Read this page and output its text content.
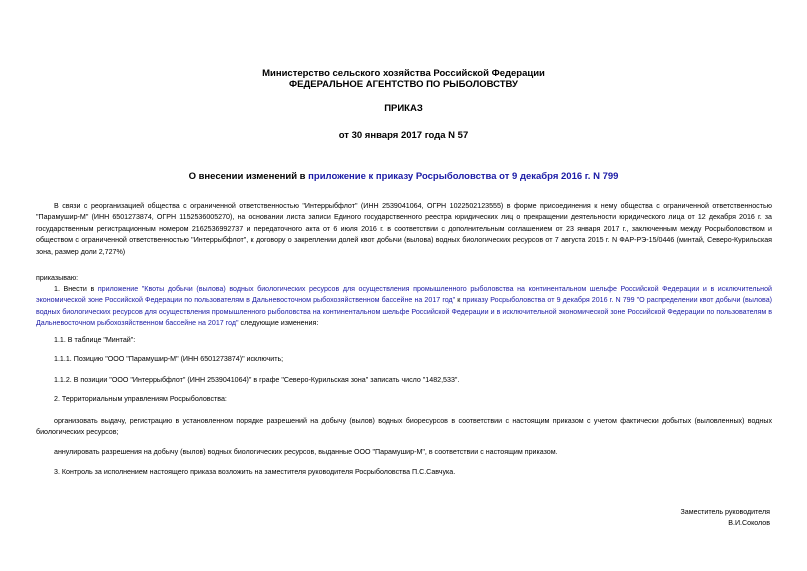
Министерство сельского хозяйства Российской Федерации
ФЕДЕРАЛЬНОЕ АГЕНТСТВО ПО РЫБОЛОВСТВУ
ПРИКАЗ
от 30 января 2017 года N 57
О внесении изменений в приложение к приказу Росрыболовства от 9 декабря 2016 г. N 799
В связи с реорганизацией общества с ограниченной ответственностью "Интеррыбфлот" (ИНН 2539041064, ОГРН 1022502123555) в форме присоединения к нему общества с ограниченной ответственностью "Парамушир-М" (ИНН 6501273874, ОГРН 1152536005270), на основании листа записи Единого государственного реестра юридических лиц о прекращении деятельности юридического лица от 12 декабря 2016 г. за государственным регистрационным номером 2162536992737 и передаточного акта от 6 июля 2016 г. в соответствии с дополнительным соглашением от 23 января 2017 г., заключенным между Росрыболовством и обществом с ограниченной ответственностью "Интеррыбфлот", к договору о закреплении долей квот добычи (вылова) водных биологических ресурсов от 7 августа 2015 г. N ФАР-РЭ-15/0446 (минтай, Северо-Курильская зона, размер доли 2,727%)
приказываю:
1. Внести в приложение "Квоты добычи (вылова) водных биологических ресурсов для осуществления промышленного рыболовства на континентальном шельфе Российской Федерации и в исключительной экономической зоне Российской Федерации по пользователям в Дальневосточном рыбохозяйственном бассейне на 2017 год" к приказу Росрыболовства от 9 декабря 2016 г. N 799 "О распределении квот добычи (вылова) водных биологических ресурсов для осуществления промышленного рыболовства на континентальном шельфе Российской Федерации и в исключительной экономической зоне Российской Федерации по пользователям в Дальневосточном рыбохозяйственном бассейне на 2017 год" следующие изменения:
1.1. В таблице "Минтай":
1.1.1. Позицию "ООО "Парамушир-М" (ИНН 6501273874)" исключить;
1.1.2. В позиции "ООО "Интеррыбфлот" (ИНН 2539041064)" в графе "Северо-Курильская зона" записать число "1482,533".
2. Территориальным управлениям Росрыболовства:
организовать выдачу, регистрацию в установленном порядке разрешений на добычу (вылов) водных биоресурсов в соответствии с настоящим приказом с учетом фактически добытых (выловленных) водных биологических ресурсов;
аннулировать разрешения на добычу (вылов) водных биологических ресурсов, выданные ООО "Парамушир-М", в соответствии с настоящим приказом.
3. Контроль за исполнением настоящего приказа возложить на заместителя руководителя Росрыболовства П.С.Савчука.
Заместитель руководителя
В.И.Соколов
